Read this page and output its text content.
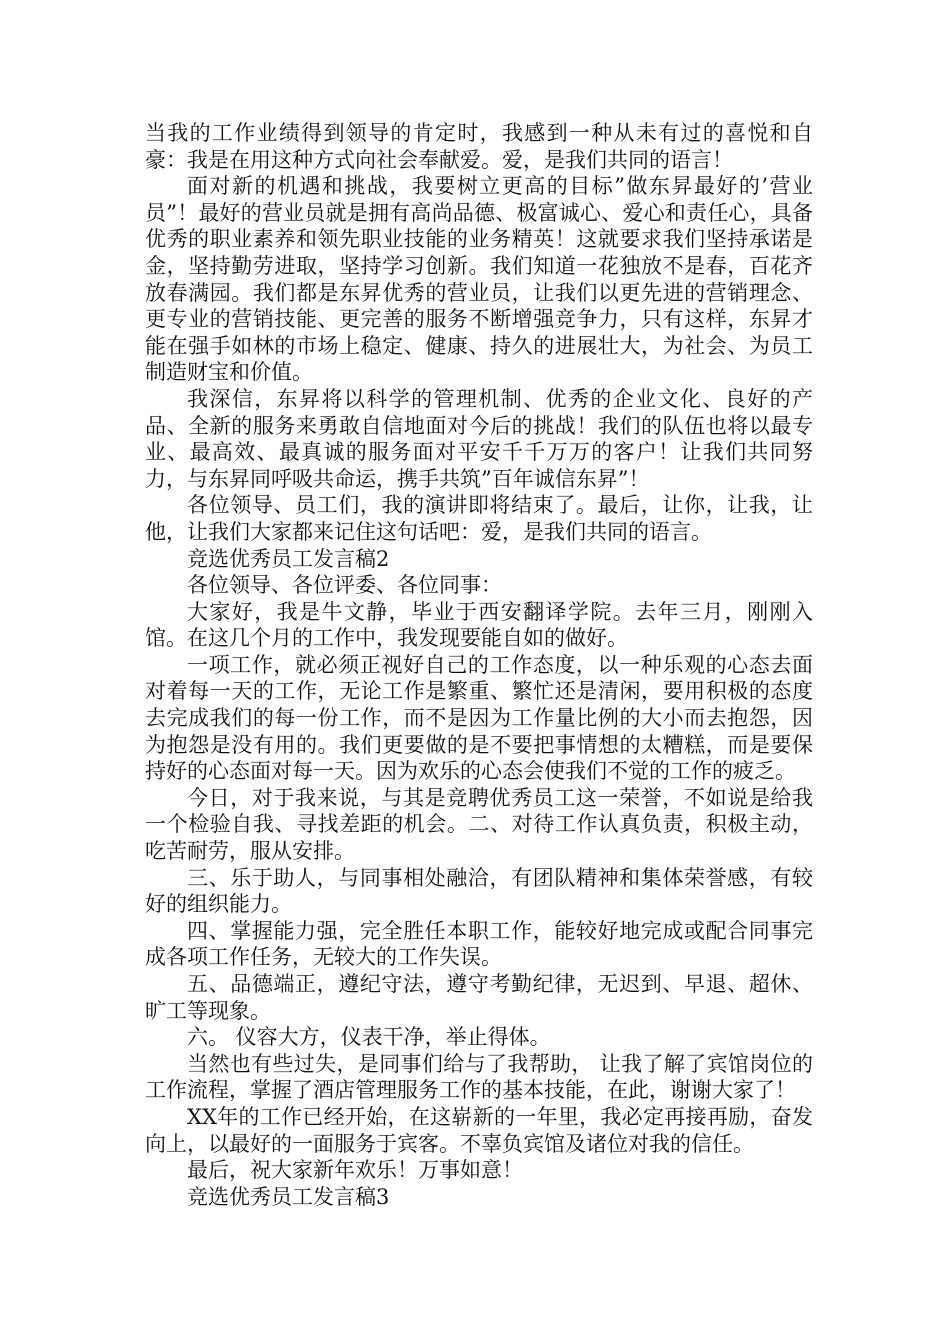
当我的工作业绩得到领导的肯定时，我感到一种从未有过的喜悦和自豪：我是在用这种方式向社会奉献爱。爱，是我们共同的语言！

面对新的机遇和挑战，我要树立更高的目标”做东昇最好的’营业员”！最好的营业员就是拥有高尚品德、极富诚心、爱心和责任心，具备优秀的职业素养和领先职业技能的业务精英！这就要求我们坚持承诺是金，坚持勤劳进取，坚持学习创新。我们知道一花独放不是春，百花齐放春满园。我们都是东昇优秀的营业员，让我们以更先进的营销理念、更专业的营销技能、更完善的服务不断增强竞争力，只有这样，东昇才能在强手如林的市场上稳定、健康、持久的进展壮大，为社会、为员工制造财宝和价值。

我深信，东昇将以科学的管理机制、优秀的企业文化、良好的产品、全新的服务来勇敢自信地面对今后的挑战！我们的队伍也将以最专业、最高效、最真诚的服务面对平安千千万万的客户！让我们共同努力，与东昇同呼吸共命运，携手共筑”百年诚信东昇”！

各位领导、员工们，我的演讲即将结束了。最后，让你，让我，让他，让我们大家都来记住这句话吧：爱，是我们共同的语言。

竞选优秀员工发言稿2

各位领导、各位评委、各位同事：

大家好，我是牛文静，毕业于西安翻译学院。去年三月，刚刚入馆。在这几个月的工作中，我发现要能自如的做好。

一项工作，就必须正视好自己的工作态度，以一种乐观的心态去面对着每一天的工作，无论工作是繁重、繁忙还是清闲，要用积极的态度去完成我们的每一份工作，而不是因为工作量比例的大小而去抱怨，因为抱怨是没有用的。我们更要做的是不要把事情想的太糟糕，而是要保持好的心态面对每一天。因为欢乐的心态会使我们不觉的工作的疲乏。

今日，对于我来说，与其是竞聘优秀员工这一荣誉，不如说是给我一个检验自我、寻找差距的机会。二、对待工作认真负责，积极主动，吃苦耐劳，服从安排。

三、乐于助人，与同事相处融洽，有团队精神和集体荣誉感，有较好的组织能力。

四、掌握能力强，完全胜任本职工作，能较好地完成或配合同事完成各项工作任务，无较大的工作失误。

五、品德端正，遵纪守法，遵守考勤纪律，无迟到、早退、超休、旷工等现象。

六。 仪容大方，仪表干净，举止得体。

当然也有些过失，是同事们给与了我帮助， 让我了解了宾馆岗位的工作流程，掌握了酒店管理服务工作的基本技能，在此，谢谢大家了！

XX年的工作已经开始，在这崭新的一年里，我必定再接再励，奋发向上，以最好的一面服务于宾客。不辜负宾馆及诸位对我的信任。

最后，祝大家新年欢乐！万事如意！

竞选优秀员工发言稿3
